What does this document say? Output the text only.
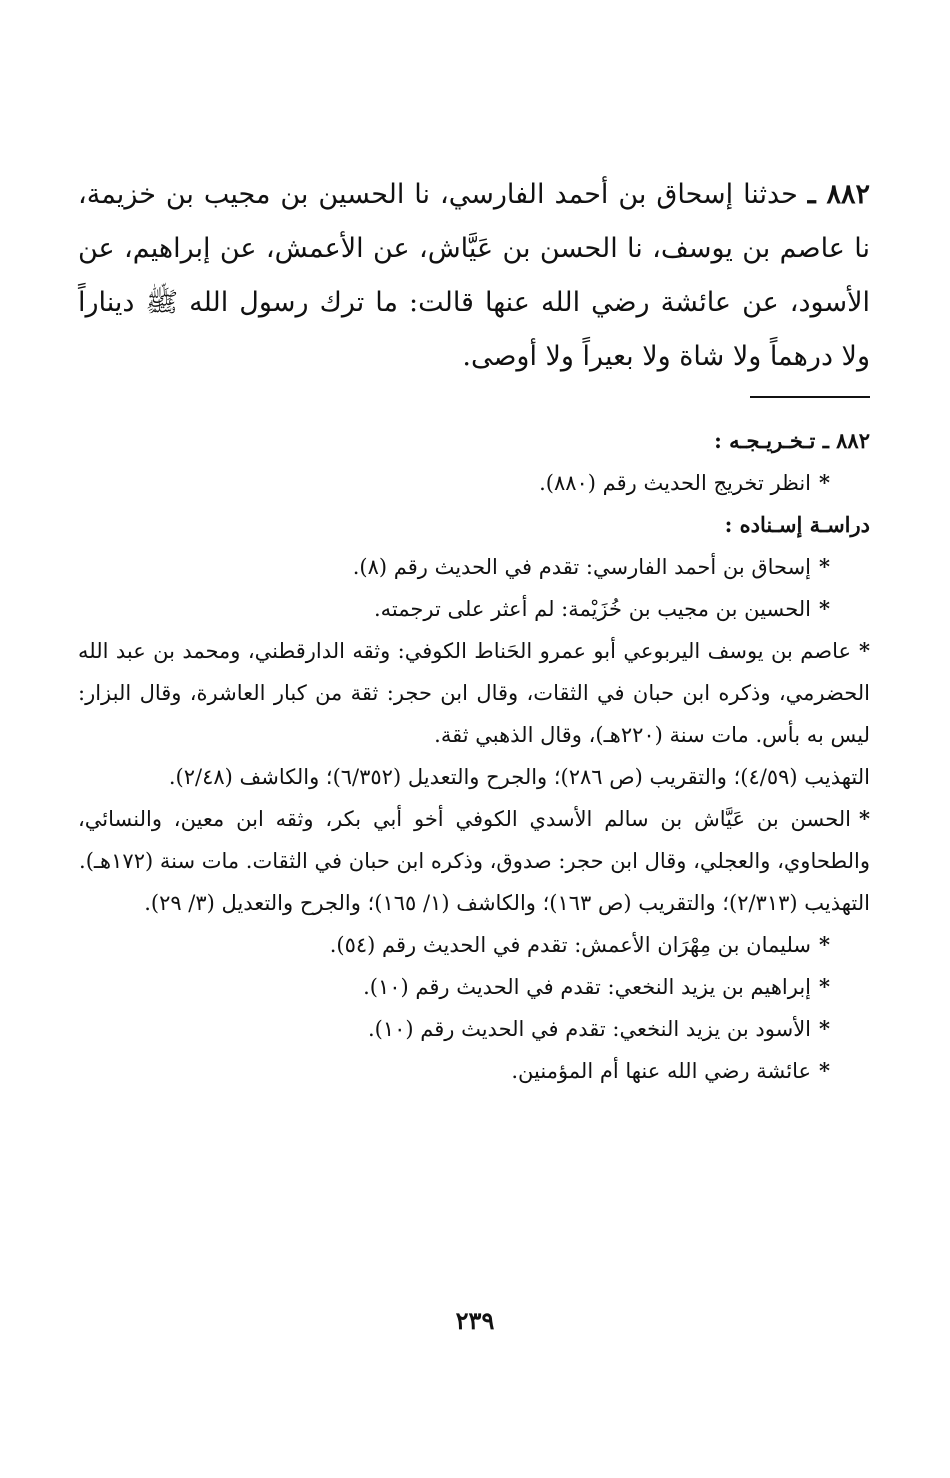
٨٨٢ ـ حدثنا إسحاق بن أحمد الفارسي، نا الحسين بن مجيب بن خزيمة، نا عاصم بن يوسف، نا الحسن بن عَيَّاش، عن الأعمش، عن إبراهيم، عن الأسود، عن عائشة رضي الله عنها قالت: ما ترك رسول الله ﷺ ديناراً ولا درهماً ولا شاة ولا بعيراً ولا أوصى.

٨٨٢ ـ تـخـريـجـه :

*انظر تخريج الحديث رقم (٨٨٠).

دراسـة إسـناده :

*إسحاق بن أحمد الفارسي: تقدم في الحديث رقم (٨).

*الحسين بن مجيب بن خُزَيْمة: لم أعثر على ترجمته.

*عاصم بن يوسف اليربوعي أبو عمرو الحَناط الكوفي: وثقه الدارقطني، ومحمد بن عبد الله الحضرمي، وذكره ابن حبان في الثقات، وقال ابن حجر: ثقة من كبار العاشرة، وقال البزار: ليس به بأس. مات سنة (٢٢٠هـ)، وقال الذهبي ثقة.

التهذيب (٤/٥٩)؛ والتقريب (ص ٢٨٦)؛ والجرح والتعديل (٦/٣٥٢)؛ والكاشف (٢/٤٨).

*الحسن بن عَيَّاش بن سالم الأسدي الكوفي أخو أبي بكر، وثقه ابن معين، والنسائي، والطحاوي، والعجلي، وقال ابن حجر: صدوق، وذكره ابن حبان في الثقات. مات سنة (١٧٢هـ).

التهذيب (٢/٣١٣)؛ والتقريب (ص ١٦٣)؛ والكاشف (١/ ١٦٥)؛ والجرح والتعديل (٣/ ٢٩).

*سليمان بن مِهْرَان الأعمش: تقدم في الحديث رقم (٥٤).

*إبراهيم بن يزيد النخعي: تقدم في الحديث رقم (١٠).

*الأسود بن يزيد النخعي: تقدم في الحديث رقم (١٠).

*عائشة رضي الله عنها أم المؤمنين.

٢٣٩
